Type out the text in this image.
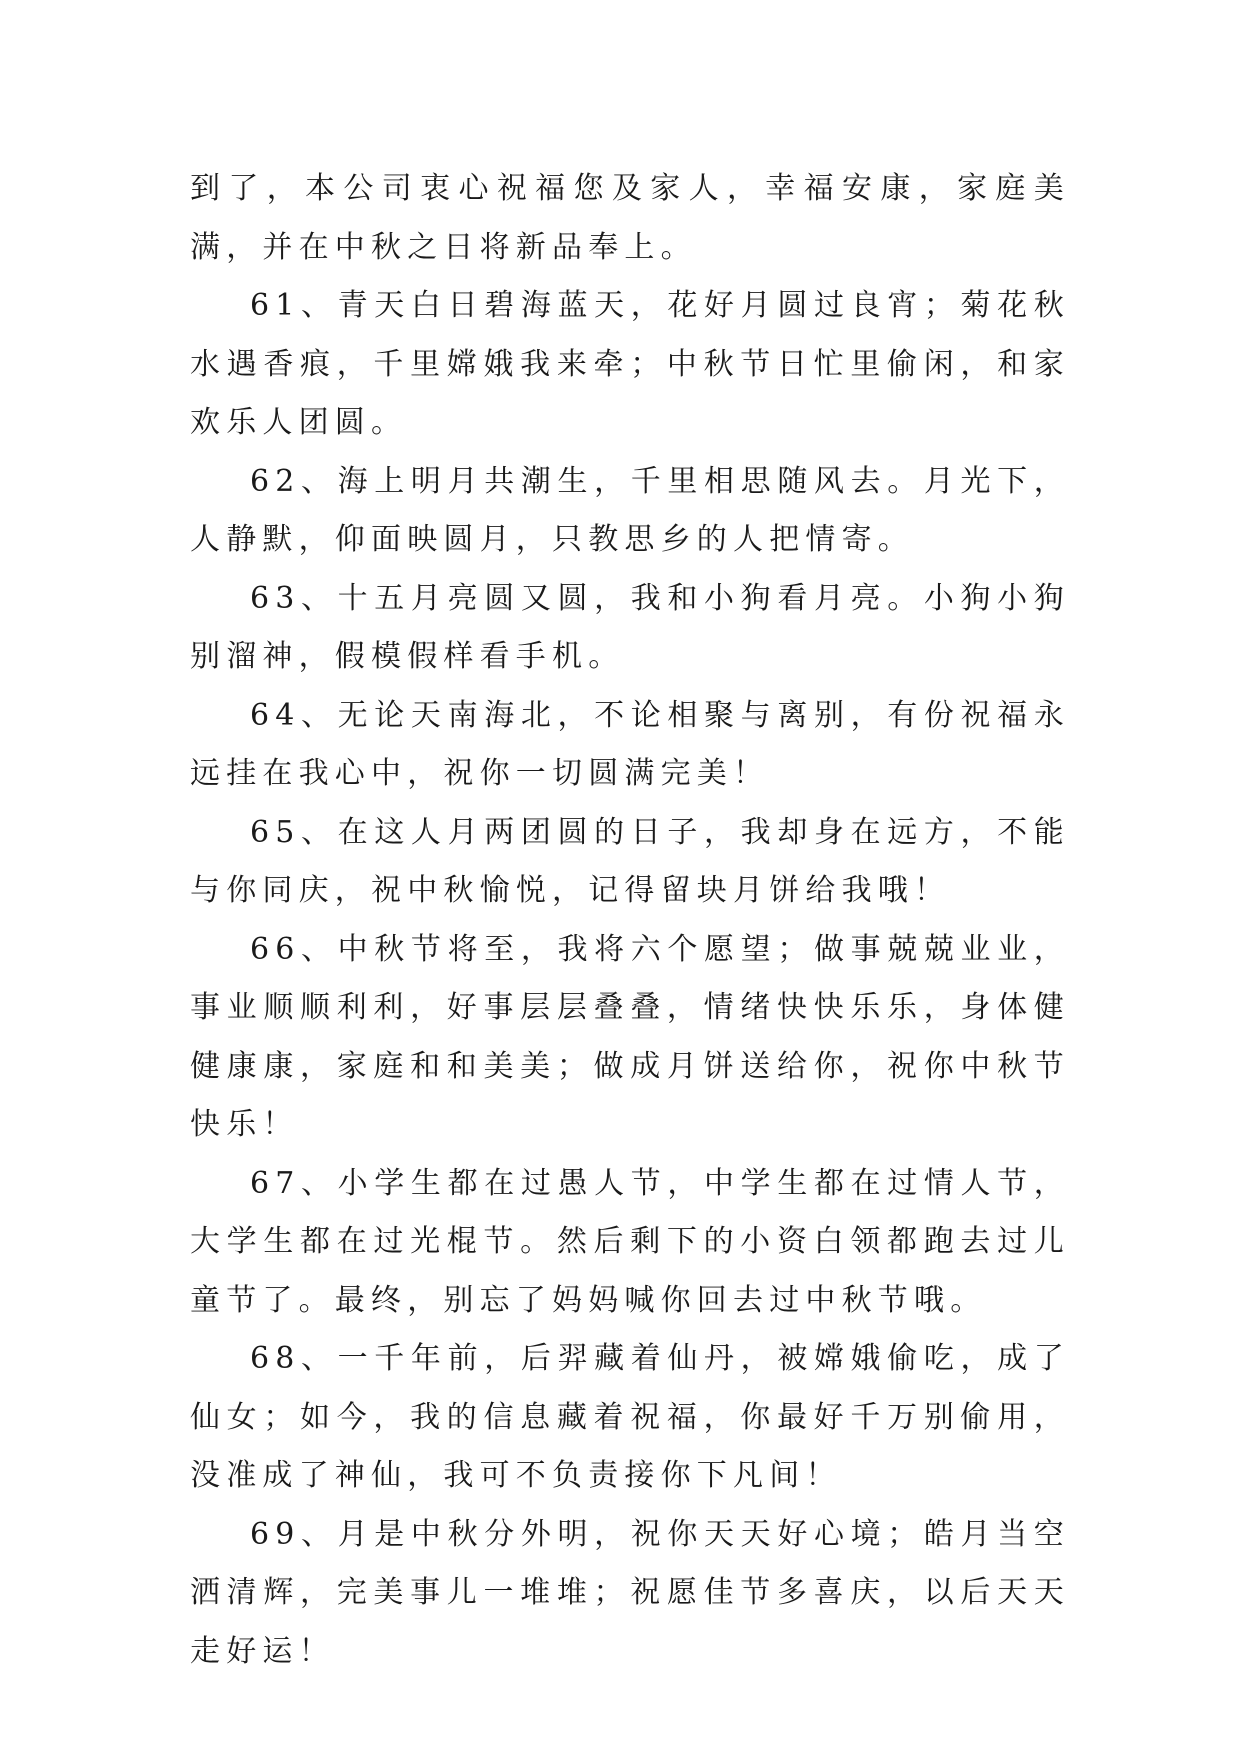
到了，本公司衷心祝福您及家人，幸福安康，家庭美满，并在中秋之日将新品奉上。

61、青天白日碧海蓝天，花好月圆过良宵；菊花秋水遇香痕，千里嫦娥我来牵；中秋节日忙里偷闲，和家欢乐人团圆。

62、海上明月共潮生，千里相思随风去。月光下，人静默，仰面映圆月，只教思乡的人把情寄。

63、十五月亮圆又圆，我和小狗看月亮。小狗小狗别溜神，假模假样看手机。

64、无论天南海北，不论相聚与离别，有份祝福永远挂在我心中，祝你一切圆满完美！

65、在这人月两团圆的日子，我却身在远方，不能与你同庆，祝中秋愉悦，记得留块月饼给我哦！

66、中秋节将至，我将六个愿望；做事兢兢业业，事业顺顺利利，好事层层叠叠，情绪快快乐乐，身体健健康康，家庭和和美美；做成月饼送给你，祝你中秋节快乐！

67、小学生都在过愚人节，中学生都在过情人节，大学生都在过光棍节。然后剩下的小资白领都跑去过儿童节了。最终，别忘了妈妈喊你回去过中秋节哦。

68、一千年前，后羿藏着仙丹，被嫦娥偷吃，成了仙女；如今，我的信息藏着祝福，你最好千万别偷用，没准成了神仙，我可不负责接你下凡间！

69、月是中秋分外明，祝你天天好心境；皓月当空洒清辉，完美事儿一堆堆；祝愿佳节多喜庆，以后天天走好运！
